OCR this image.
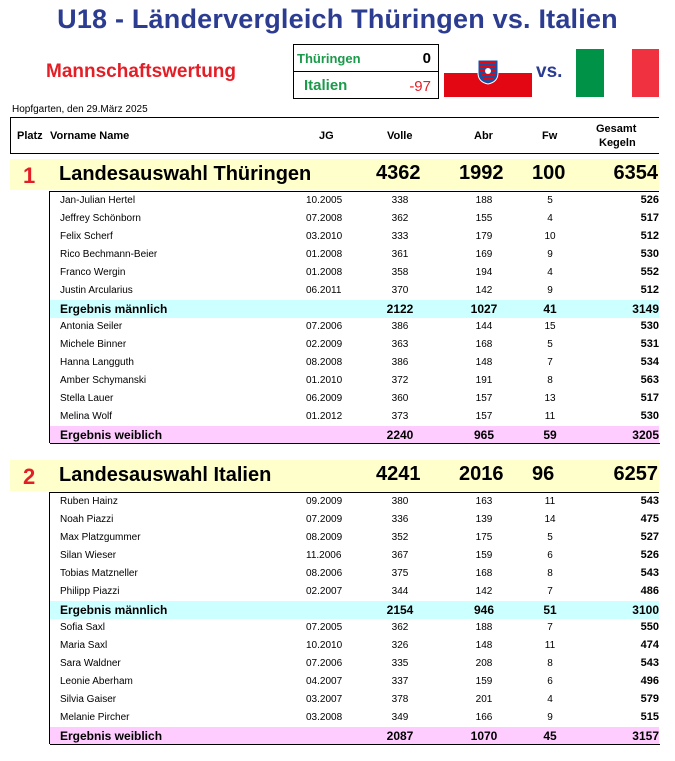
U18 - Ländervergleich Thüringen vs. Italien
Mannschaftswertung
Thüringen	0
Italien	-97
vs.
Hopfgarten, den 29.März 2025
Platz Vorname Name	JG	Volle	Abr	Fw
Gesamt
Kegeln
1 Landesauswahl Thüringen	4362 1992 100 6354
Jan-Julian Hertel	10.2005	338	188	5	526
Jeffrey Schönborn	07.2008	362	155	4	517
Felix Scherf	03.2010	333	179	10	512
Rico Bechmann-Beier	01.2008	361	169	9	530
Franco Wergin	01.2008	358	194	4	552
Justin Arcularius	06.2011	370	142	9	512
Ergebnis männlich	2122	1027	41	3149
Antonia Seiler	07.2006	386	144	15	530
Michele Binner	02.2009	363	168	5	531
Hanna Langguth	08.2008	386	148	7	534
Amber Schymanski	01.2010	372	191	8	563
Stella Lauer	06.2009	360	157	13	517
Melina Wolf	01.2012	373	157	11	530
Ergebnis weiblich	2240	965	59	3205
2 Landesauswahl Italien	4241 2016 96	6257
Ruben Hainz	09.2009	380	163	11	543
Noah Piazzi	07.2009	336	139	14	475
Max Platzgummer	08.2009	352	175	5	527
Silan Wieser	11.2006	367	159	6	526
Tobias Matzneller	08.2006	375	168	8	543
Philipp Piazzi	02.2007	344	142	7	486
Ergebnis männlich	2154	946	51	3100
Sofia Saxl	07.2005	362	188	7	550
Maria Saxl	10.2010	326	148	11	474
Sara Waldner	07.2006	335	208	8	543
Leonie Aberham	04.2007	337	159	6	496
Silvia Gaiser	03.2007	378	201	4	579
Melanie Pircher	03.2008	349	166	9	515
Ergebnis weiblich	2087	1070	45	3157
